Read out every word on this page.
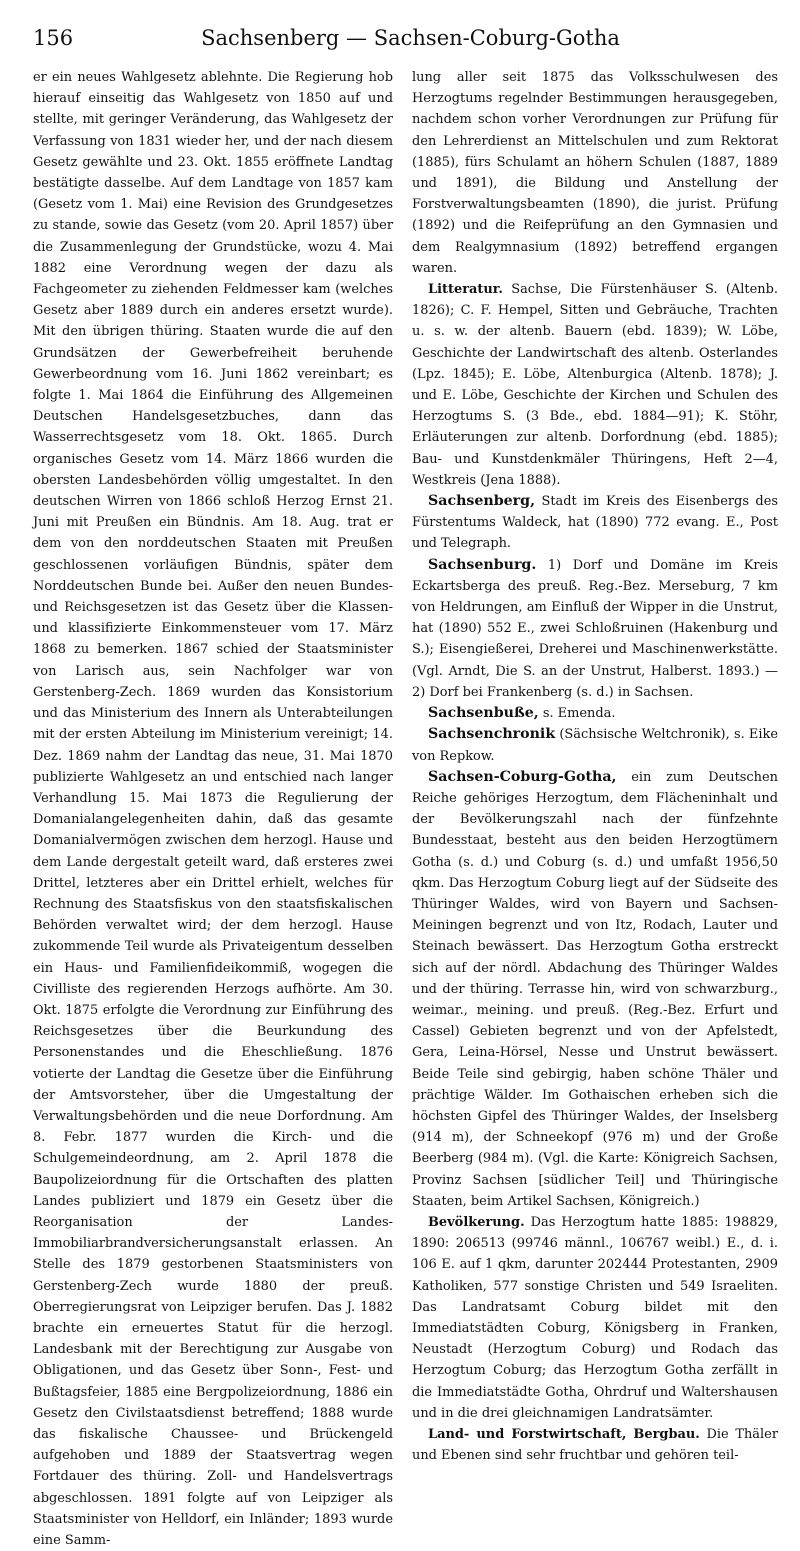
156	Sachsenberg — Sachsen-Coburg-Gotha

er ein neues Wahlgesetz ablehnte. Die Regierung hob hierauf einseitig das Wahlgesetz von 1850 auf und stellte, mit geringer Veränderung, das Wahlgesetz der Verfassung von 1831 wieder her, und der nach diesem Gesetz gewählte und 23. Okt. 1855 eröffnete Landtag bestätigte dasselbe. Auf dem Landtage von 1857 kam (Gesetz vom 1. Mai) eine Revision des Grundgesetzes zu stande, sowie das Gesetz (vom 20. April 1857) über die Zusammenlegung der Grundstücke, wozu 4. Mai 1882 eine Verordnung wegen der dazu als Fachgeometer zu ziehenden Feldmesser kam (welches Gesetz aber 1889 durch ein anderes ersetzt wurde). Mit den übrigen thüring. Staaten wurde die auf den Grundsätzen der Gewerbefreiheit beruhende Gewerbeordnung vom 16. Juni 1862 vereinbart; es folgte 1. Mai 1864 die Einführung des Allgemeinen Deutschen Handelsgesetzbuches, dann das Wasserrechtsgesetz vom 18. Okt. 1865. Durch organisches Gesetz vom 14. März 1866 wurden die obersten Landesbehörden völlig umgestaltet. In den deutschen Wirren von 1866 schloß Herzog Ernst 21. Juni mit Preußen ein Bündnis. Am 18. Aug. trat er dem von den norddeutschen Staaten mit Preußen geschlossenen vorläufigen Bündnis, später dem Norddeutschen Bunde bei. Außer den neuen Bundes- und Reichsgesetzen ist das Gesetz über die Klassen- und klassifizierte Einkommensteuer vom 17. März 1868 zu bemerken. 1867 schied der Staatsminister von Larisch aus, sein Nachfolger war von Gerstenberg-Zech. 1869 wurden das Konsistorium und das Ministerium des Innern als Unterabteilungen mit der ersten Abteilung im Ministerium vereinigt; 14. Dez. 1869 nahm der Landtag das neue, 31. Mai 1870 publizierte Wahlgesetz an und entschied nach langer Verhandlung 15. Mai 1873 die Regulierung der Domanialangelegenheiten dahin, daß das gesamte Domanialvermögen zwischen dem herzogl. Hause und dem Lande dergestalt geteilt ward, daß ersteres zwei Drittel, letzteres aber ein Drittel erhielt, welches für Rechnung des Staatsfiskus von den staatsfiskalischen Behörden verwaltet wird; der dem herzogl. Hause zukommende Teil wurde als Privateigentum desselben ein Haus- und Familienfideikommiß, wogegen die Civilliste des regierenden Herzogs aufhörte. Am 30. Okt. 1875 erfolgte die Verordnung zur Einführung des Reichsgesetzes über die Beurkundung des Personenstandes und die Eheschließung. 1876 votierte der Landtag die Gesetze über die Einführung der Amtsvorsteher, über die Umgestaltung der Verwaltungsbehörden und die neue Dorfordnung. Am 8. Febr. 1877 wurden die Kirch- und die Schulgemeindeordnung, am 2. April 1878 die Baupolizeiordnung für die Ortschaften des platten Landes publiziert und 1879 ein Gesetz über die Reorganisation der Landes-Immobiliarbrandversicherungsanstalt erlassen. An Stelle des 1879 gestorbenen Staatsministers von Gerstenberg-Zech wurde 1880 der preuß. Oberregierungsrat von Leipziger berufen. Das J. 1882 brachte ein erneuertes Statut für die herzogl. Landesbank mit der Berechtigung zur Ausgabe von Obligationen, und das Gesetz über Sonn-, Fest- und Bußtagsfeier, 1885 eine Bergpolizeiordnung, 1886 ein Gesetz den Civilstaatsdienst betreffend; 1888 wurde das fiskalische Chaussee- und Brückengeld aufgehoben und 1889 der Staatsvertrag wegen Fortdauer des thüring. Zoll- und Handelsvertrags abgeschlossen. 1891 folgte auf von Leipziger als Staatsminister von Helldorf, ein Inländer; 1893 wurde eine Samm-

lung aller seit 1875 das Volksschulwesen des Herzogtums regelnder Bestimmungen herausgegeben, nachdem schon vorher Verordnungen zur Prüfung für den Lehrerdienst an Mittelschulen und zum Rektorat (1885), fürs Schulamt an höhern Schulen (1887, 1889 und 1891), die Bildung und Anstellung der Forstverwaltungsbeamten (1890), die jurist. Prüfung (1892) und die Reifeprüfung an den Gymnasien und dem Realgymnasium (1892) betreffend ergangen waren.

Litteratur. Sachse, Die Fürstenhäuser S. (Altenb. 1826); C. F. Hempel, Sitten und Gebräuche, Trachten u. s. w. der altenb. Bauern (ebd. 1839); W. Löbe, Geschichte der Landwirtschaft des altenb. Osterlandes (Lpz. 1845); E. Löbe, Altenburgica (Altenb. 1878); J. und E. Löbe, Geschichte der Kirchen und Schulen des Herzogtums S. (3 Bde., ebd. 1884—91); K. Stöhr, Erläuterungen zur altenb. Dorfordnung (ebd. 1885); Bau- und Kunstdenkmäler Thüringens, Heft 2—4, Westkreis (Jena 1888).

Sachsenberg, Stadt im Kreis des Eisenbergs des Fürstentums Waldeck, hat (1890) 772 evang. E., Post und Telegraph.

Sachsenburg. 1) Dorf und Domäne im Kreis Eckartsberga des preuß. Reg.-Bez. Merseburg, 7 km von Heldrungen, am Einfluß der Wipper in die Unstrut, hat (1890) 552 E., zwei Schloßruinen (Hakenburg und S.); Eisengießerei, Dreherei und Maschinenwerkstätte. (Vgl. Arndt, Die S. an der Unstrut, Halberst. 1893.) — 2) Dorf bei Frankenberg (s. d.) in Sachsen.

Sachsenbuße, s. Emenda.

Sachsenchronik (Sächsische Weltchronik), s. Eike von Repkow.

Sachsen-Coburg-Gotha, ein zum Deutschen Reiche gehöriges Herzogtum, dem Flächeninhalt und der Bevölkerungszahl nach der fünfzehnte Bundesstaat, besteht aus den beiden Herzogtümern Gotha (s. d.) und Coburg (s. d.) und umfaßt 1956,50 qkm. Das Herzogtum Coburg liegt auf der Südseite des Thüringer Waldes, wird von Bayern und Sachsen-Meiningen begrenzt und von Itz, Rodach, Lauter und Steinach bewässert. Das Herzogtum Gotha erstreckt sich auf der nördl. Abdachung des Thüringer Waldes und der thüring. Terrasse hin, wird von schwarzburg., weimar., meining. und preuß. (Reg.-Bez. Erfurt und Cassel) Gebieten begrenzt und von der Apfelstedt, Gera, Leina-Hörsel, Nesse und Unstrut bewässert. Beide Teile sind gebirgig, haben schöne Thäler und prächtige Wälder. Im Gothaischen erheben sich die höchsten Gipfel des Thüringer Waldes, der Inselsberg (914 m), der Schneekopf (976 m) und der Große Beerberg (984 m). (Vgl. die Karte: Königreich Sachsen, Provinz Sachsen [südlicher Teil] und Thüringische Staaten, beim Artikel Sachsen, Königreich.)

Bevölkerung. Das Herzogtum hatte 1885: 198829, 1890: 206513 (99746 männl., 106767 weibl.) E., d. i. 106 E. auf 1 qkm, darunter 202444 Protestanten, 2909 Katholiken, 577 sonstige Christen und 549 Israeliten. Das Landratsamt Coburg bildet mit den Immediatstädten Coburg, Königsberg in Franken, Neustadt (Herzogtum Coburg) und Rodach das Herzogtum Coburg; das Herzogtum Gotha zerfällt in die Immediatstädte Gotha, Ohrdruf und Waltershausen und in die drei gleichnamigen Landratsämter.

Land- und Forstwirtschaft, Bergbau. Die Thäler und Ebenen sind sehr fruchtbar und gehören teil-
